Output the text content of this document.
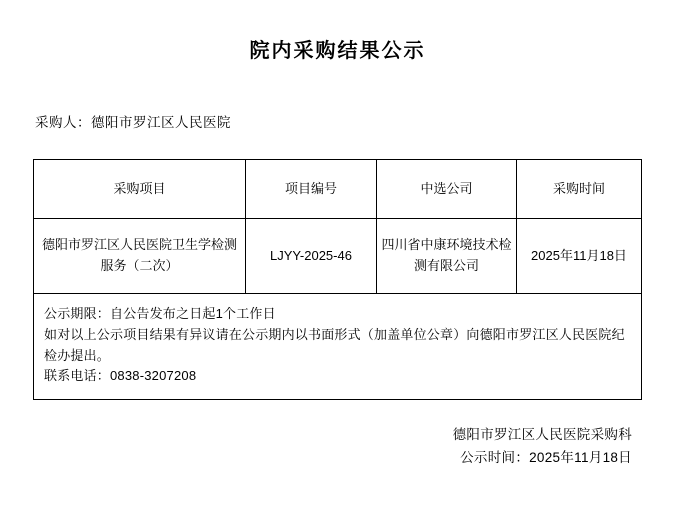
院内采购结果公示
采购人：德阳市罗江区人民医院
采购项目	项目编号	中选公司	采购时间
德阳市罗江区人民医院卫生学检测服务（二次）	LJYY-2025-46	四川省中康环境技术检测有限公司	2025年11月18日

公示期限：自公告发布之日起1个工作日
如对以上公示项目结果有异议请在公示期内以书面形式（加盖单位公章）向德阳市罗江区人民医院纪检办提出。
联系电话：0838-3207208			
德阳市罗江区人民医院采购科
公示时间：2025年11月18日
